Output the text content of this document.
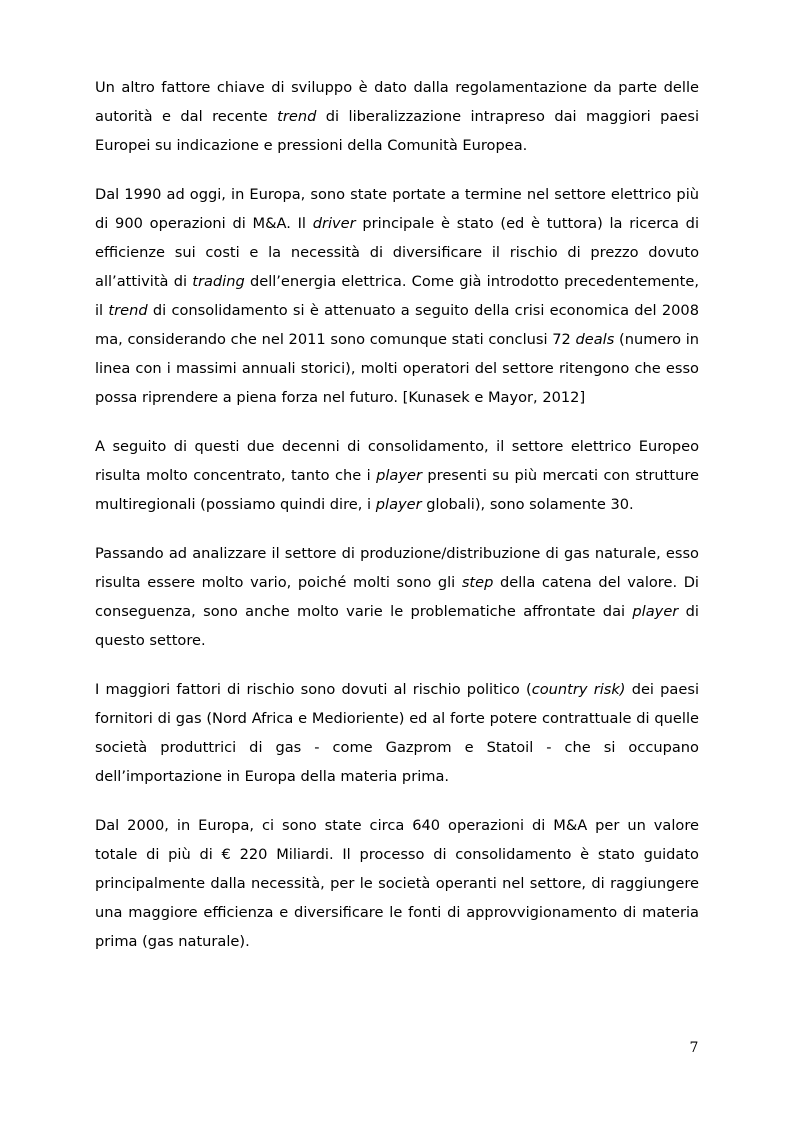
Un altro fattore chiave di sviluppo è dato dalla regolamentazione da parte delle autorità e dal recente trend di liberalizzazione intrapreso dai maggiori paesi Europei su indicazione e pressioni della Comunità Europea.

Dal 1990 ad oggi, in Europa, sono state portate a termine nel settore elettrico più di 900 operazioni di M&A. Il driver principale è stato (ed è tuttora) la ricerca di efficienze sui costi e la necessità di diversificare il rischio di prezzo dovuto all’attività di trading dell’energia elettrica. Come già introdotto precedentemente, il trend di consolidamento si è attenuato a seguito della crisi economica del 2008 ma, considerando che nel 2011 sono comunque stati conclusi 72 deals (numero in linea con i massimi annuali storici), molti operatori del settore ritengono che esso possa riprendere a piena forza nel futuro. [Kunasek e Mayor, 2012]

A seguito di questi due decenni di consolidamento, il settore elettrico Europeo risulta molto concentrato, tanto che i player presenti su più mercati con strutture multiregionali (possiamo quindi dire, i player globali), sono solamente 30.

Passando ad analizzare il settore di produzione/distribuzione di gas naturale, esso risulta essere molto vario, poiché molti sono gli step della catena del valore. Di conseguenza, sono anche molto varie le problematiche affrontate dai player di questo settore.

I maggiori fattori di rischio sono dovuti al rischio politico (country risk) dei paesi fornitori di gas (Nord Africa e Medioriente) ed al forte potere contrattuale di quelle società produttrici di gas - come Gazprom e Statoil - che si occupano dell’importazione in Europa della materia prima.

Dal 2000, in Europa, ci sono state circa 640 operazioni di M&A per un valore totale di più di € 220 Miliardi. Il processo di consolidamento è stato guidato principalmente dalla necessità, per le società operanti nel settore, di raggiungere una maggiore efficienza e diversificare le fonti di approvvigionamento di materia prima (gas naturale).

7
